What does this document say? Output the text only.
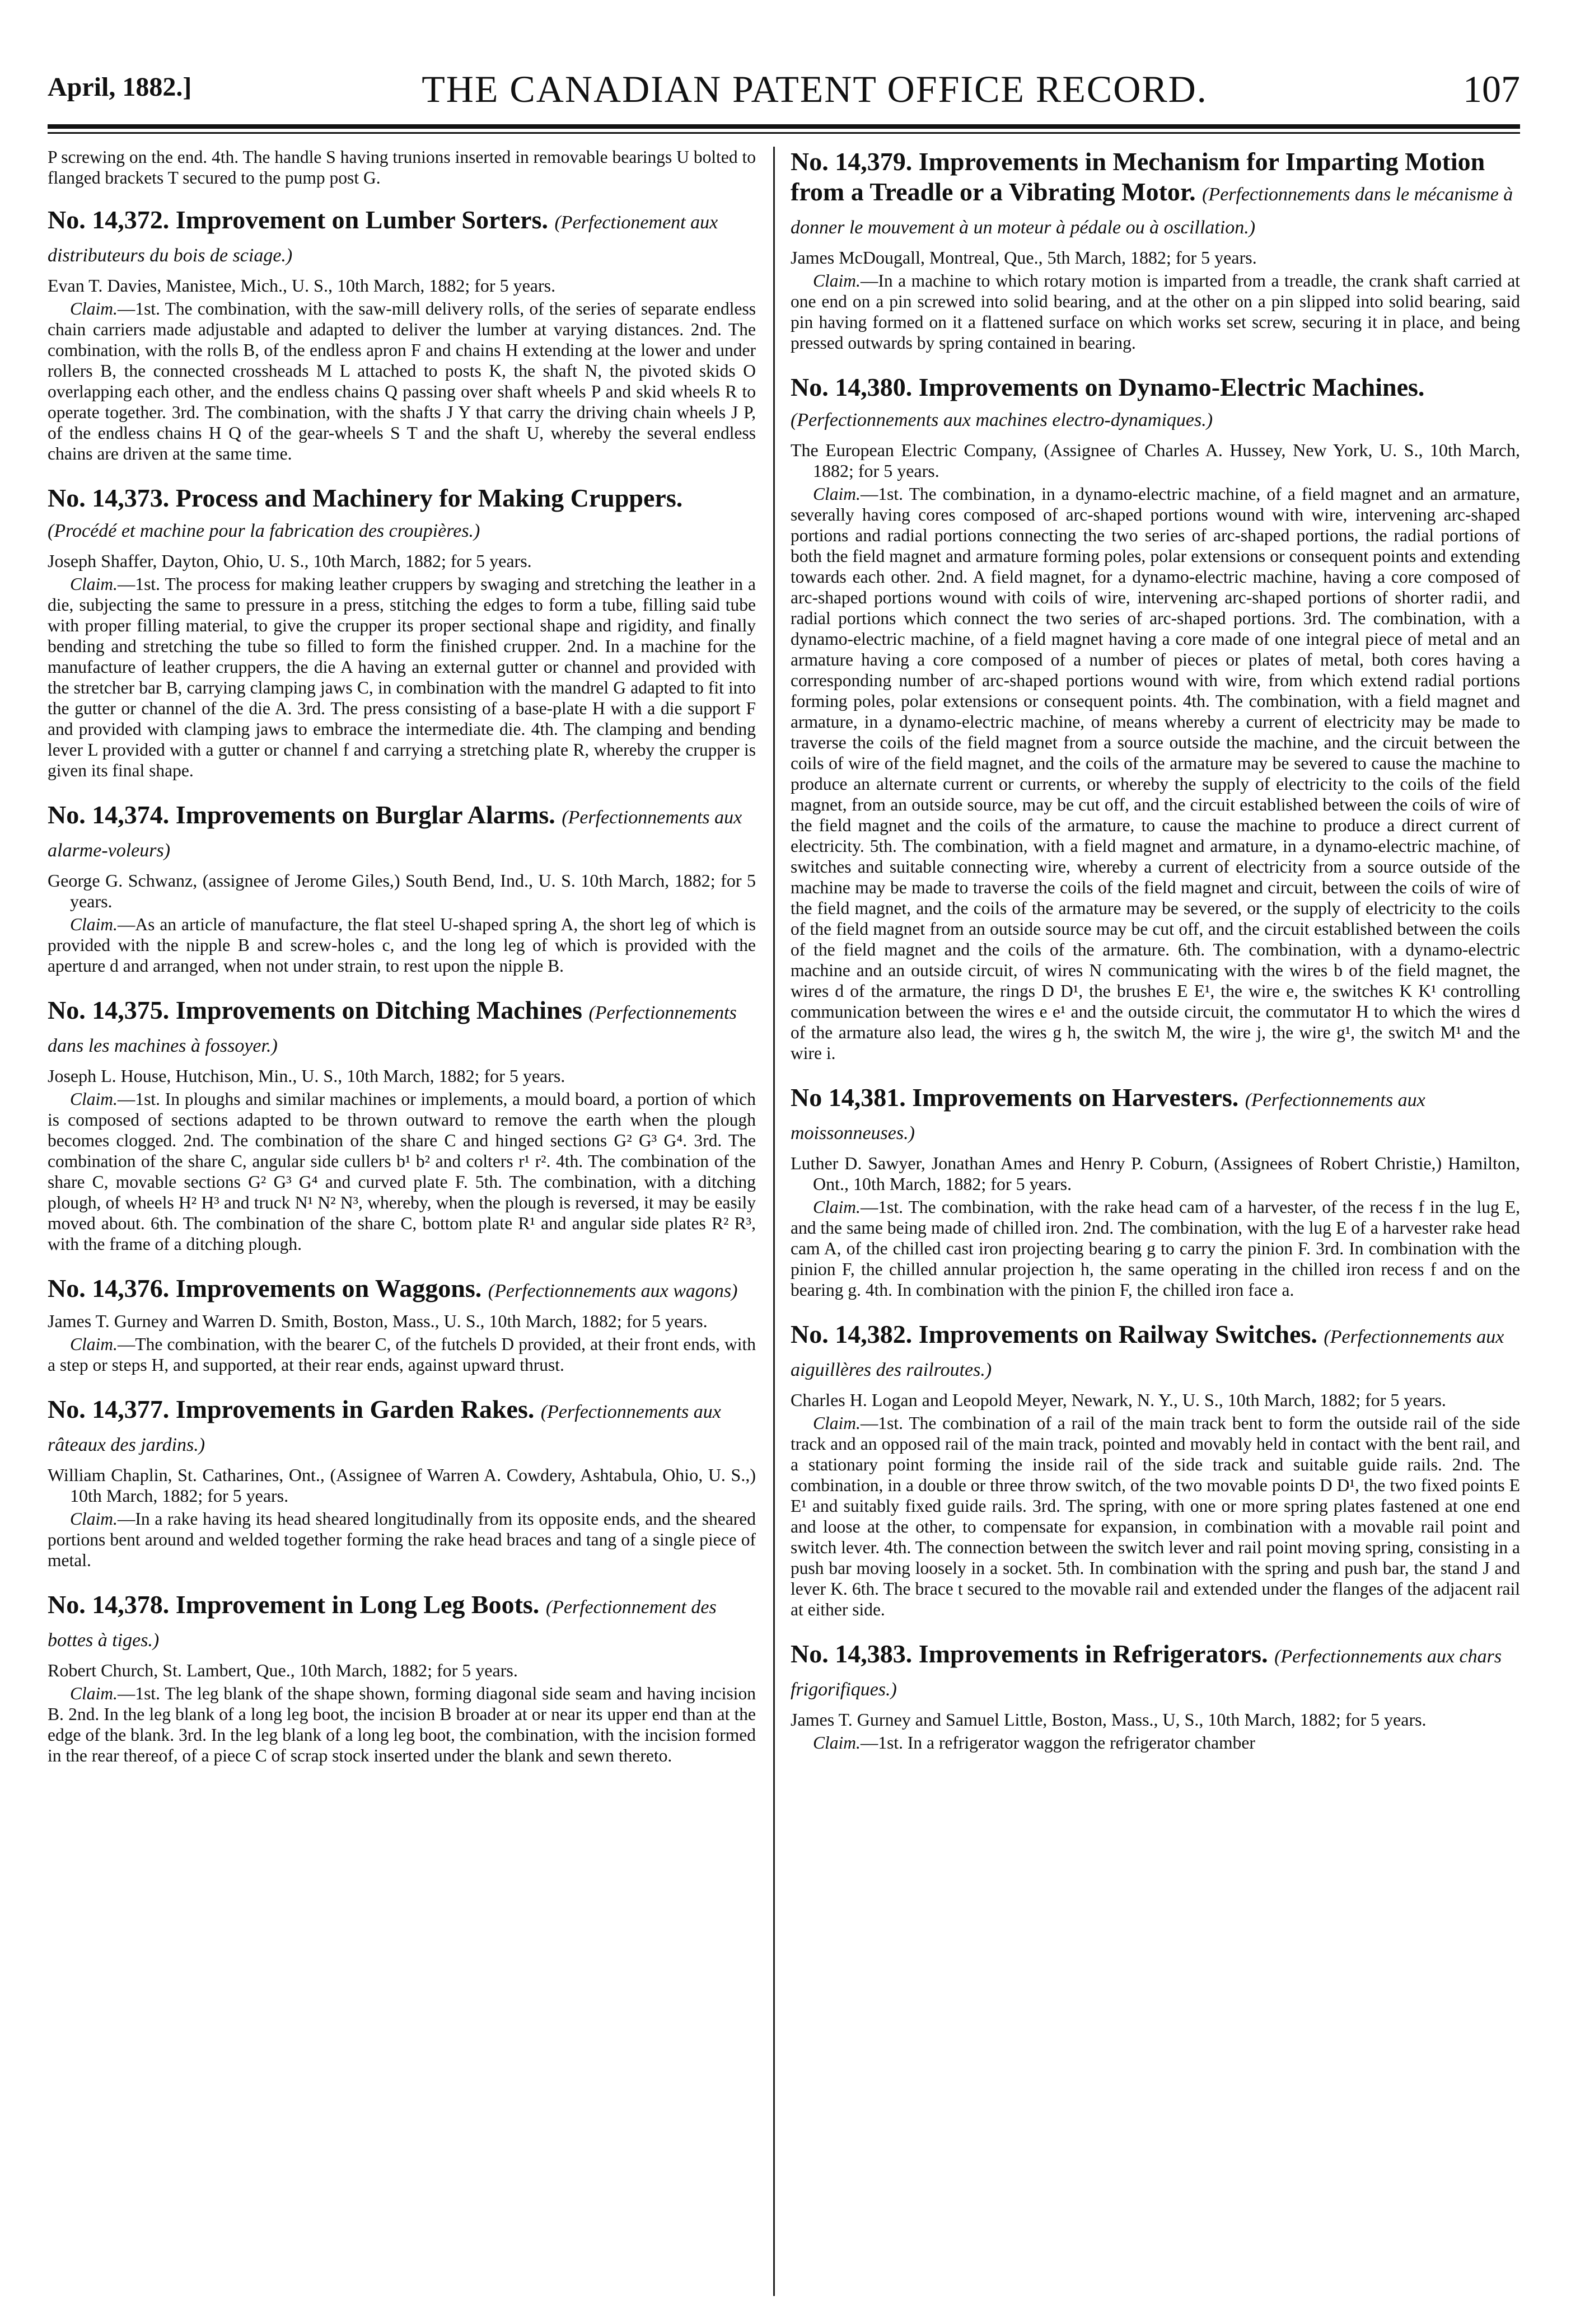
April, 1882.]	THE CANADIAN PATENT OFFICE RECORD.	107

P screwing on the end. 4th. The handle S having trunions inserted in removable bearings U bolted to flanged brackets T secured to the pump post G.

No. 14,372. Improvement on Lumber Sorters. (Perfectionement aux distributeurs du bois de sciage.)

Evan T. Davies, Manistee, Mich., U. S., 10th March, 1882; for 5 years.

Claim.—1st. The combination, with the saw-mill delivery rolls, of the series of separate endless chain carriers made adjustable and adapted to deliver the lumber at varying distances. 2nd. The combination, with the rolls B, of the endless apron F and chains H extending at the lower and under rollers B, the connected crossheads M L attached to posts K, the shaft N, the pivoted skids O overlapping each other, and the endless chains Q passing over shaft wheels P and skid wheels R to operate together. 3rd. The combination, with the shafts J Y that carry the driving chain wheels J P, of the endless chains H Q of the gear-wheels S T and the shaft U, whereby the several endless chains are driven at the same time.

No. 14,373. Process and Machinery for Making Cruppers. (Procédé et machine pour la fabrication des croupières.)

Joseph Shaffer, Dayton, Ohio, U. S., 10th March, 1882; for 5 years.

Claim.—1st. The process for making leather cruppers by swaging and stretching the leather in a die, subjecting the same to pressure in a press, stitching the edges to form a tube, filling said tube with proper filling material, to give the crupper its proper sectional shape and rigidity, and finally bending and stretching the tube so filled to form the finished crupper. 2nd. In a machine for the manufacture of leather cruppers, the die A having an external gutter or channel and provided with the stretcher bar B, carrying clamping jaws C, in combination with the mandrel G adapted to fit into the gutter or channel of the die A. 3rd. The press consisting of a base-plate H with a die support F and provided with clamping jaws to embrace the intermediate die. 4th. The clamping and bending lever L provided with a gutter or channel f and carrying a stretching plate R, whereby the crupper is given its final shape.

No. 14,374. Improvements on Burglar Alarms. (Perfectionnements aux alarme-voleurs)

George G. Schwanz, (assignee of Jerome Giles,) South Bend, Ind., U. S. 10th March, 1882; for 5 years.

Claim.—As an article of manufacture, the flat steel U-shaped spring A, the short leg of which is provided with the nipple B and screw-holes c, and the long leg of which is provided with the aperture d and arranged, when not under strain, to rest upon the nipple B.

No. 14,375. Improvements on Ditching Machines (Perfectionnements dans les machines à fossoyer.)

Joseph L. House, Hutchison, Min., U. S., 10th March, 1882; for 5 years.

Claim.—1st. In ploughs and similar machines or implements, a mould board, a portion of which is composed of sections adapted to be thrown outward to remove the earth when the plough becomes clogged. 2nd. The combination of the share C and hinged sections G² G³ G⁴. 3rd. The combination of the share C, angular side cullers b¹ b² and colters r¹ r². 4th. The combination of the share C, movable sections G² G³ G⁴ and curved plate F. 5th. The combination, with a ditching plough, of wheels H² H³ and truck N¹ N² N³, whereby, when the plough is reversed, it may be easily moved about. 6th. The combination of the share C, bottom plate R¹ and angular side plates R² R³, with the frame of a ditching plough.

No. 14,376. Improvements on Waggons. (Perfectionnements aux wagons)

James T. Gurney and Warren D. Smith, Boston, Mass., U. S., 10th March, 1882; for 5 years.

Claim.—The combination, with the bearer C, of the futchels D provided, at their front ends, with a step or steps H, and supported, at their rear ends, against upward thrust.

No. 14,377. Improvements in Garden Rakes. (Perfectionnements aux râteaux des jardins.)

William Chaplin, St. Catharines, Ont., (Assignee of Warren A. Cowdery, Ashtabula, Ohio, U. S.,) 10th March, 1882; for 5 years.

Claim.—In a rake having its head sheared longitudinally from its opposite ends, and the sheared portions bent around and welded together forming the rake head braces and tang of a single piece of metal.

No. 14,378. Improvement in Long Leg Boots. (Perfectionnement des bottes à tiges.)

Robert Church, St. Lambert, Que., 10th March, 1882; for 5 years.

Claim.—1st. The leg blank of the shape shown, forming diagonal side seam and having incision B. 2nd. In the leg blank of a long leg boot, the incision B broader at or near its upper end than at the edge of the blank. 3rd. In the leg blank of a long leg boot, the combination, with the incision formed in the rear thereof, of a piece C of scrap stock inserted under the blank and sewn thereto.

No. 14,379. Improvements in Mechanism for Imparting Motion from a Treadle or a Vibrating Motor. (Perfectionnements dans le mécanisme à donner le mouvement à un moteur à pédale ou à oscillation.)

James McDougall, Montreal, Que., 5th March, 1882; for 5 years.

Claim.—In a machine to which rotary motion is imparted from a treadle, the crank shaft carried at one end on a pin screwed into solid bearing, and at the other on a pin slipped into solid bearing, said pin having formed on it a flattened surface on which works set screw, securing it in place, and being pressed outwards by spring contained in bearing.

No. 14,380. Improvements on Dynamo-Electric Machines. (Perfectionnements aux machines electro-dynamiques.)

The European Electric Company, (Assignee of Charles A. Hussey, New York, U. S., 10th March, 1882; for 5 years.

Claim.—1st. The combination, in a dynamo-electric machine, of a field magnet and an armature, severally having cores composed of arc-shaped portions wound with wire, intervening arc-shaped portions and radial portions connecting the two series of arc-shaped portions, the radial portions of both the field magnet and armature forming poles, polar extensions or consequent points and extending towards each other. 2nd. A field magnet, for a dynamo-electric machine, having a core composed of arc-shaped portions wound with coils of wire, intervening arc-shaped portions of shorter radii, and radial portions which connect the two series of arc-shaped portions. 3rd. The combination, with a dynamo-electric machine, of a field magnet having a core made of one integral piece of metal and an armature having a core composed of a number of pieces or plates of metal, both cores having a corresponding number of arc-shaped portions wound with wire, from which extend radial portions forming poles, polar extensions or consequent points. 4th. The combination, with a field magnet and armature, in a dynamo-electric machine, of means whereby a current of electricity may be made to traverse the coils of the field magnet from a source outside the machine, and the circuit between the coils of wire of the field magnet, and the coils of the armature may be severed to cause the machine to produce an alternate current or currents, or whereby the supply of electricity to the coils of the field magnet, from an outside source, may be cut off, and the circuit established between the coils of wire of the field magnet and the coils of the armature, to cause the machine to produce a direct current of electricity. 5th. The combination, with a field magnet and armature, in a dynamo-electric machine, of switches and suitable connecting wire, whereby a current of electricity from a source outside of the machine may be made to traverse the coils of the field magnet and circuit, between the coils of wire of the field magnet, and the coils of the armature may be severed, or the supply of electricity to the coils of the field magnet from an outside source may be cut off, and the circuit established between the coils of the field magnet and the coils of the armature. 6th. The combination, with a dynamo-electric machine and an outside circuit, of wires N communicating with the wires b of the field magnet, the wires d of the armature, the rings D D¹, the brushes E E¹, the wire e, the switches K K¹ controlling communication between the wires e e¹ and the outside circuit, the commutator H to which the wires d of the armature also lead, the wires g h, the switch M, the wire j, the wire g¹, the switch M¹ and the wire i.

No 14,381. Improvements on Harvesters. (Perfectionnements aux moissonneuses.)

Luther D. Sawyer, Jonathan Ames and Henry P. Coburn, (Assignees of Robert Christie,) Hamilton, Ont., 10th March, 1882; for 5 years.

Claim.—1st. The combination, with the rake head cam of a harvester, of the recess f in the lug E, and the same being made of chilled iron. 2nd. The combination, with the lug E of a harvester rake head cam A, of the chilled cast iron projecting bearing g to carry the pinion F. 3rd. In combination with the pinion F, the chilled annular projection h, the same operating in the chilled iron recess f and on the bearing g. 4th. In combination with the pinion F, the chilled iron face a.

No. 14,382. Improvements on Railway Switches. (Perfectionnements aux aiguillères des railroutes.)

Charles H. Logan and Leopold Meyer, Newark, N. Y., U. S., 10th March, 1882; for 5 years.

Claim.—1st. The combination of a rail of the main track bent to form the outside rail of the side track and an opposed rail of the main track, pointed and movably held in contact with the bent rail, and a stationary point forming the inside rail of the side track and suitable guide rails. 2nd. The combination, in a double or three throw switch, of the two movable points D D¹, the two fixed points E E¹ and suitably fixed guide rails. 3rd. The spring, with one or more spring plates fastened at one end and loose at the other, to compensate for expansion, in combination with a movable rail point and switch lever. 4th. The connection between the switch lever and rail point moving spring, consisting in a push bar moving loosely in a socket. 5th. In combination with the spring and push bar, the stand J and lever K. 6th. The brace t secured to the movable rail and extended under the flanges of the adjacent rail at either side.

No. 14,383. Improvements in Refrigerators. (Perfectionnements aux chars frigorifiques.)

James T. Gurney and Samuel Little, Boston, Mass., U, S., 10th March, 1882; for 5 years.

Claim.—1st. In a refrigerator waggon the refrigerator chamber
